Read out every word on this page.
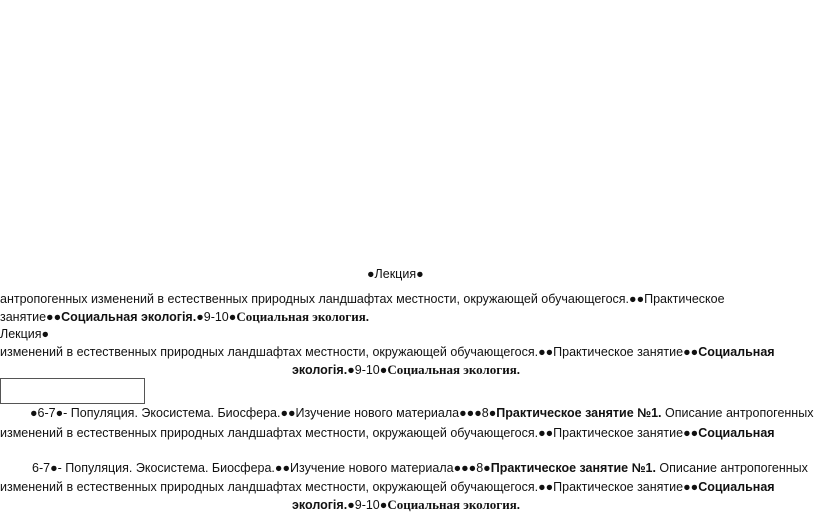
●Лекция●
антропогенных изменений в естественных природных ландшафтах местности, окружающей обучающегося.●●Практическое
занятие●●Социальная экологія.●9-10●Социальная экология.
Лекция●
изменений в естественных природных ландшафтах местности, окружающей обучающегося.●●Практическое занятие●●Социальная
экологія.●9-10●Социальная экология.
●6-7●- Популяция. Экосистема. Биосфера.●●Изучение нового материала●●●8●Практическое занятие №1. Описание антропогенных
изменений в естественных природных ландшафтах местности, окружающей обучающегося.●●Практическое занятие●●Социальная
6-7●- Популяция. Экосистема. Биосфера.●●Изучение нового материала●●●8●Практическое занятие №1. Описание антропогенных
изменений в естественных природных ландшафтах местности, окружающей обучающегося.●●Практическое занятие●●Социальная
экологія.●9-10●Социальная экология.
